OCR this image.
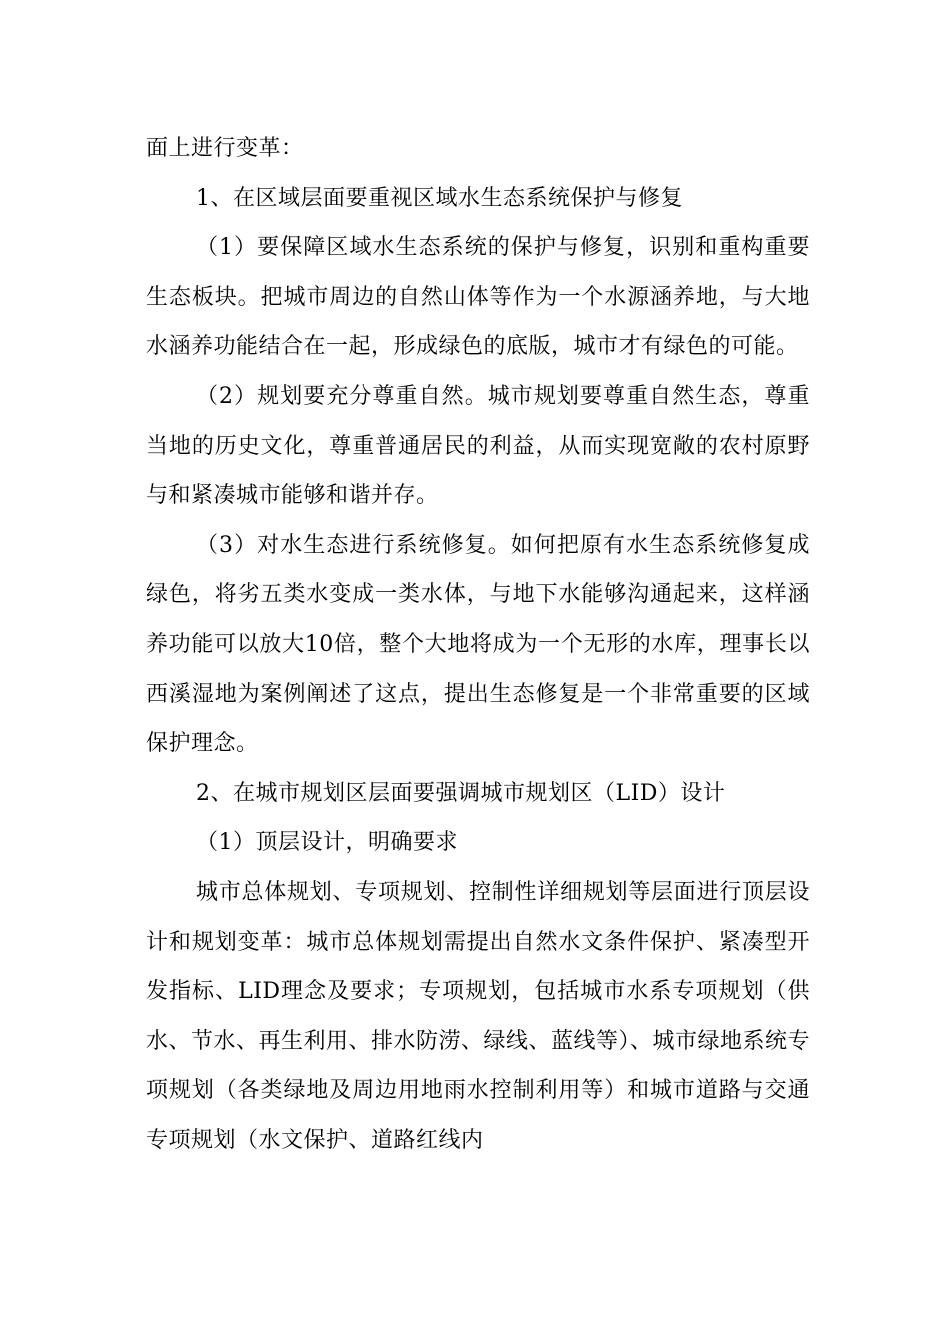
面上进行变革：

1、在区域层面要重视区域水生态系统保护与修复

（1）要保障区域水生态系统的保护与修复，识别和重构重要生态板块。把城市周边的自然山体等作为一个水源涵养地，与大地水涵养功能结合在一起，形成绿色的底版，城市才有绿色的可能。

（2）规划要充分尊重自然。城市规划要尊重自然生态，尊重当地的历史文化，尊重普通居民的利益，从而实现宽敞的农村原野与和紧凑城市能够和谐并存。

（3）对水生态进行系统修复。如何把原有水生态系统修复成绿色，将劣五类水变成一类水体，与地下水能够沟通起来，这样涵养功能可以放大10倍，整个大地将成为一个无形的水库，理事长以西溪湿地为案例阐述了这点，提出生态修复是一个非常重要的区域保护理念。

2、在城市规划区层面要强调城市规划区（LID）设计

（1）顶层设计，明确要求

城市总体规划、专项规划、控制性详细规划等层面进行顶层设计和规划变革：城市总体规划需提出自然水文条件保护、紧凑型开发指标、LID理念及要求；专项规划，包括城市水系专项规划（供水、节水、再生利用、排水防涝、绿线、蓝线等）、城市绿地系统专项规划（各类绿地及周边用地雨水控制利用等）和城市道路与交通专项规划（水文保护、道路红线内
